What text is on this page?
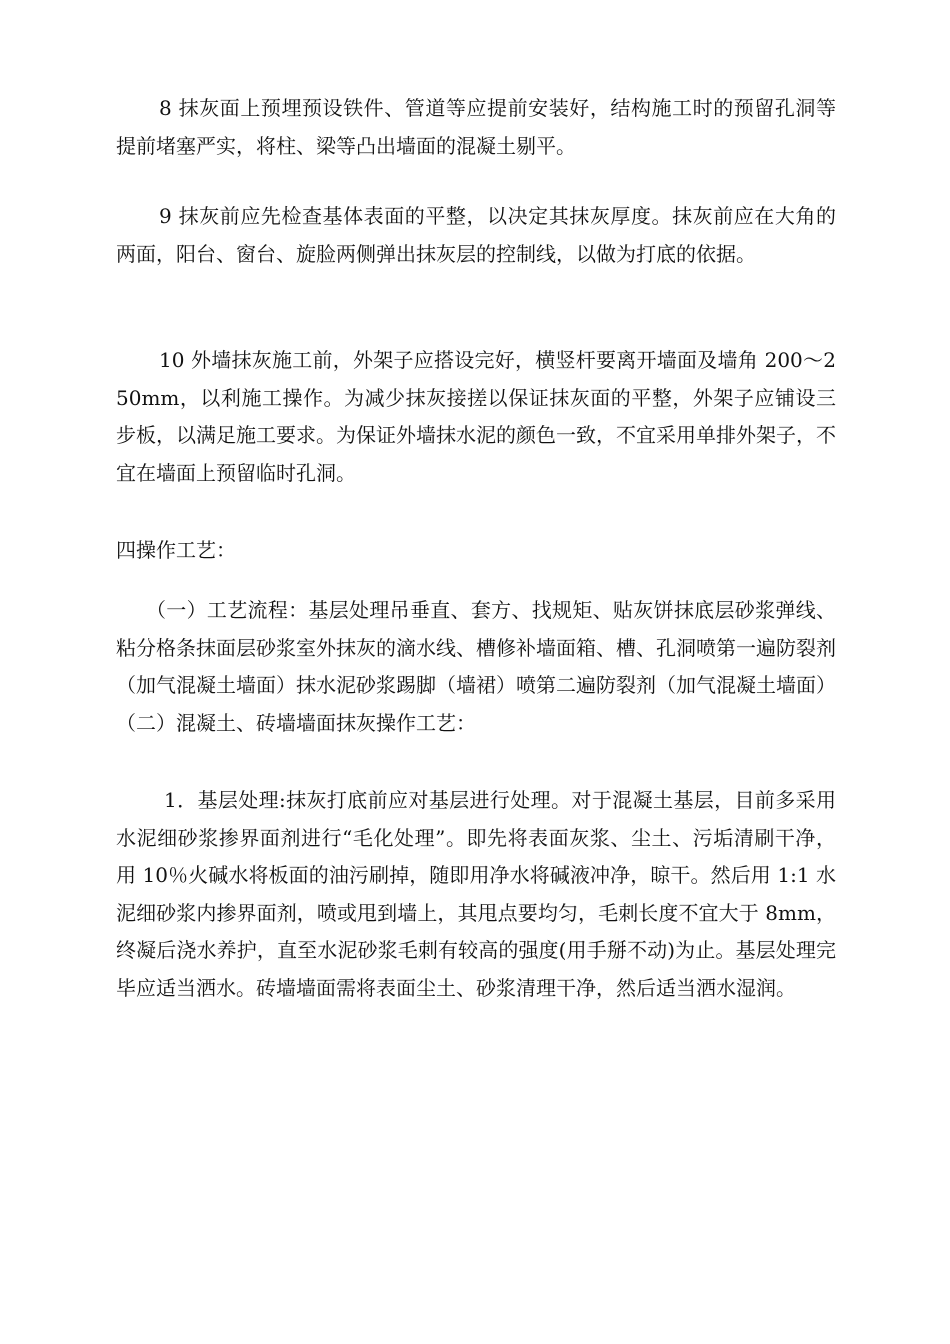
8 抹灰面上预埋预设铁件、管道等应提前安装好，结构施工时的预留孔洞等提前堵塞严实，将柱、梁等凸出墙面的混凝土剔平。

9 抹灰前应先检查基体表面的平整，以决定其抹灰厚度。抹灰前应在大角的两面，阳台、窗台、旋脸两侧弹出抹灰层的控制线，以做为打底的依据。

10 外墙抹灰施工前，外架子应搭设完好，横竖杆要离开墙面及墙角 200～250mm，以利施工操作。为减少抹灰接搓以保证抹灰面的平整，外架子应铺设三步板，以满足施工要求。为保证外墙抹水泥的颜色一致，不宜采用单排外架子，不宜在墙面上预留临时孔洞。

四操作工艺：

（一）工艺流程：基层处理吊垂直、套方、找规矩、贴灰饼抹底层砂浆弹线、粘分格条抹面层砂浆室外抹灰的滴水线、槽修补墙面箱、槽、孔洞喷第一遍防裂剂（加气混凝土墙面）抹水泥砂浆踢脚（墙裙）喷第二遍防裂剂（加气混凝土墙面）（二）混凝土、砖墙墙面抹灰操作工艺：

1．基层处理:抹灰打底前应对基层进行处理。对于混凝土基层，目前多采用水泥细砂浆掺界面剂进行“毛化处理”。即先将表面灰浆、尘土、污垢清刷干净，用 10％火碱水将板面的油污刷掉，随即用净水将碱液冲净，晾干。然后用 1:1 水泥细砂浆内掺界面剂，喷或甩到墙上，其甩点要均匀，毛刺长度不宜大于 8mm，终凝后浇水养护，直至水泥砂浆毛刺有较高的强度(用手掰不动)为止。基层处理完毕应适当洒水。砖墙墙面需将表面尘土、砂浆清理干净，然后适当洒水湿润。
